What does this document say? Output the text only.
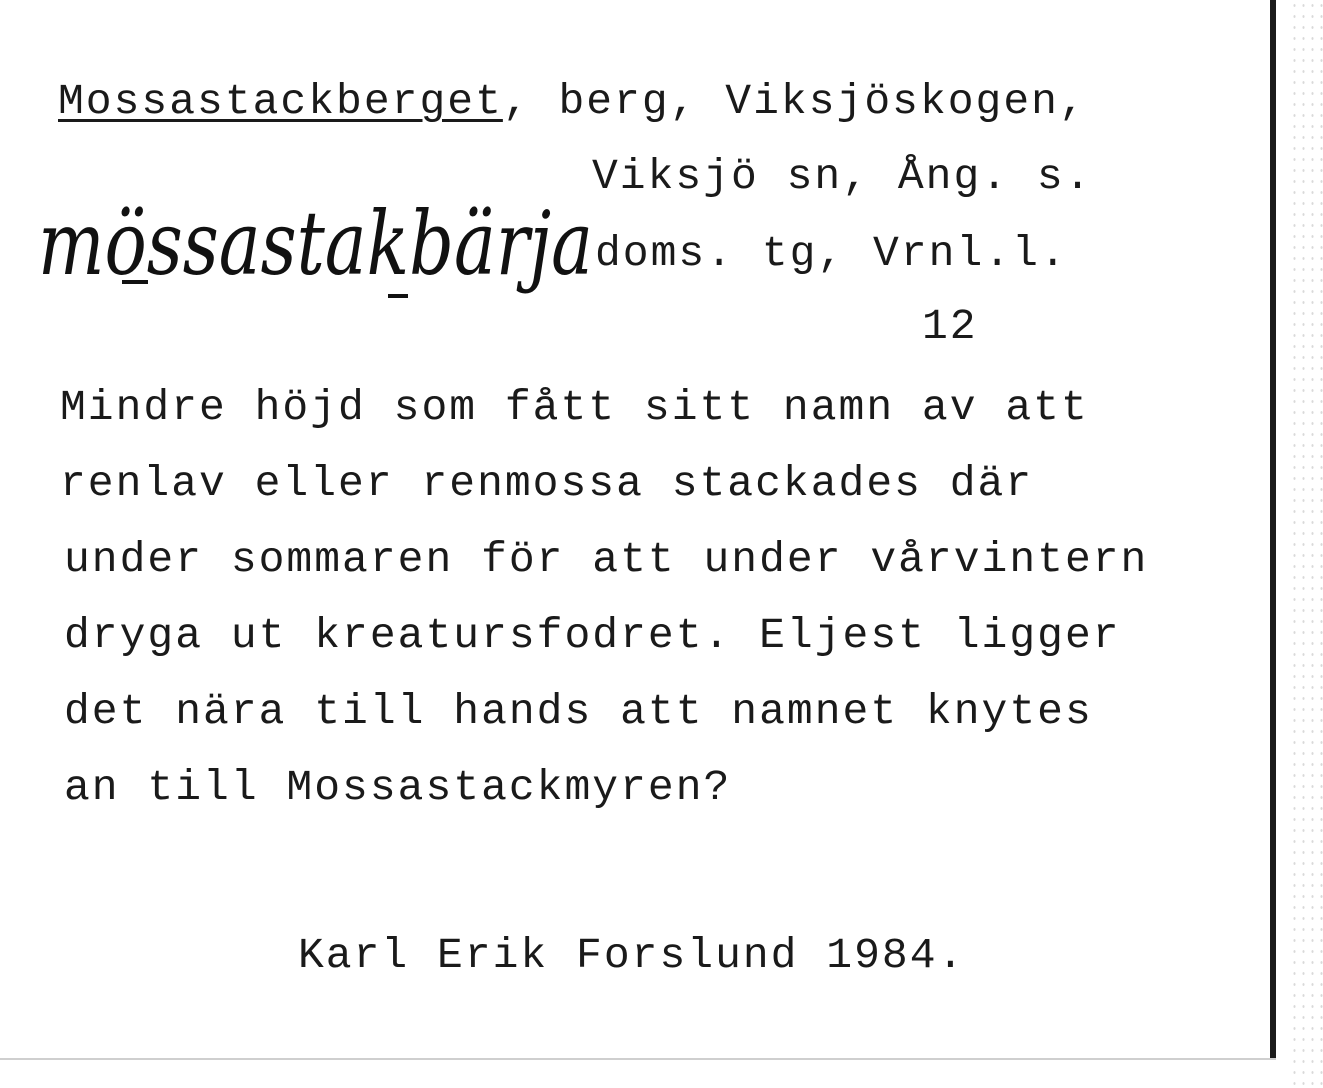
Mossastackberget, berg, Viksjöskogen,
Viksjö sn, Ång. s.
mössastakbärja doms. tg, Vrnl.l.
12
Mindre höjd som fått sitt namn av att
renlav eller renmossa stackades där
under sommaren för att under vårvintern
dryga ut kreatursfodret. Eljest ligger
det nära till hands att namnet knytes
an till Mossastackmyren?
Karl Erik Forslund 1984.
